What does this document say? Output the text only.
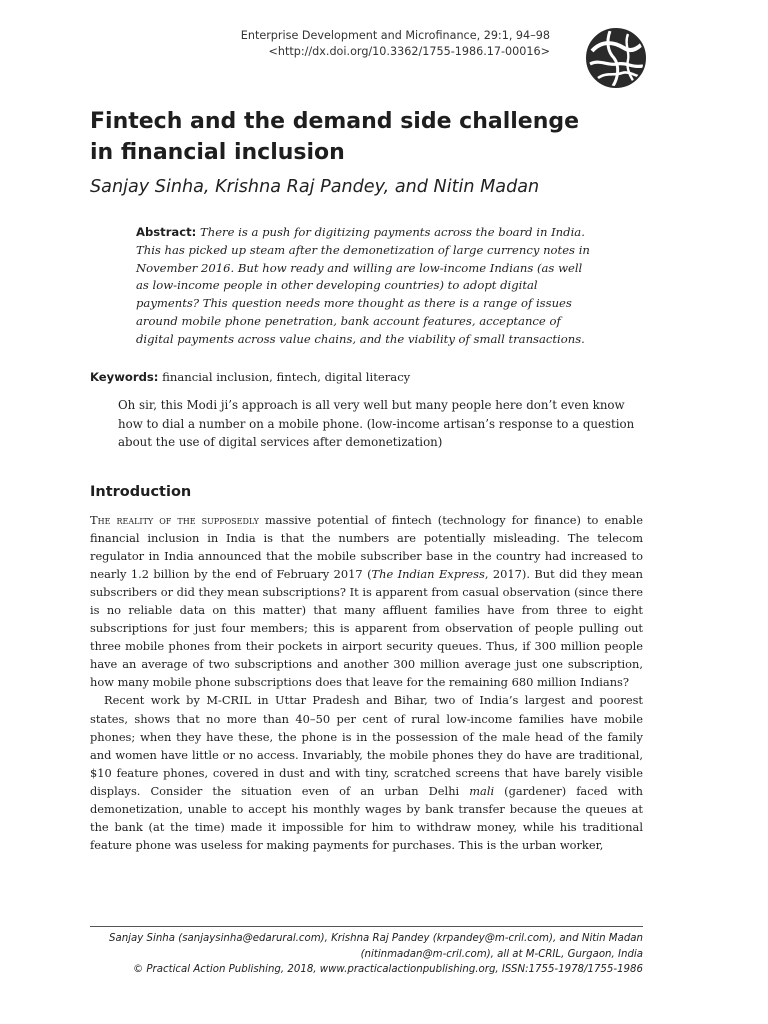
Enterprise Development and Microfinance, 29:1, 94–98
<http://dx.doi.org/10.3362/1755-1986.17-00016>
Fintech and the demand side challenge
in financial inclusion

Sanjay Sinha, Krishna Raj Pandey, and Nitin Madan

Abstract: There is a push for digitizing payments across the board in India. This has picked up steam after the demonetization of large currency notes in November 2016. But how ready and willing are low-income Indians (as well as low-income people in other developing countries) to adopt digital payments? This question needs more thought as there is a range of issues around mobile phone penetration, bank account features, acceptance of digital payments across value chains, and the viability of small transactions.

Keywords: financial inclusion, fintech, digital literacy

Oh sir, this Modi ji’s approach is all very well but many people here don’t even know how to dial a number on a mobile phone. (low-income artisan’s response to a question about the use of digital services after demonetization)

Introduction

The reality of the supposedly massive potential of fintech (technology for finance) to enable financial inclusion in India is that the numbers are potentially misleading. The telecom regulator in India announced that the mobile subscriber base in the country had increased to nearly 1.2 billion by the end of February 2017 (The Indian Express, 2017). But did they mean subscribers or did they mean subscriptions? It is apparent from casual observation (since there is no reliable data on this matter) that many affluent families have from three to eight subscriptions for just four members; this is apparent from observation of people pulling out three mobile phones from their pockets in airport security queues. Thus, if 300 million people have an average of two subscriptions and another 300 million average just one subscription, how many mobile phone subscriptions does that leave for the remaining 680 million Indians?

Recent work by M-CRIL in Uttar Pradesh and Bihar, two of India’s largest and poorest states, shows that no more than 40–50 per cent of rural low-income families have mobile phones; when they have these, the phone is in the possession of the male head of the family and women have little or no access. Invariably, the mobile phones they do have are traditional, $10 feature phones, covered in dust and with tiny, scratched screens that have barely visible displays. Consider the situation even of an urban Delhi mali (gardener) faced with demonetization, unable to accept his monthly wages by bank transfer because the queues at the bank (at the time) made it impossible for him to withdraw money, while his traditional feature phone was useless for making payments for purchases. This is the urban worker,

Sanjay Sinha (sanjaysinha@edarural.com), Krishna Raj Pandey (krpandey@m-cril.com), and Nitin Madan

(nitinmadan@m-cril.com), all at M-CRIL, Gurgaon, India

© Practical Action Publishing, 2018, www.practicalactionpublishing.org, ISSN:1755-1978/1755-1986
